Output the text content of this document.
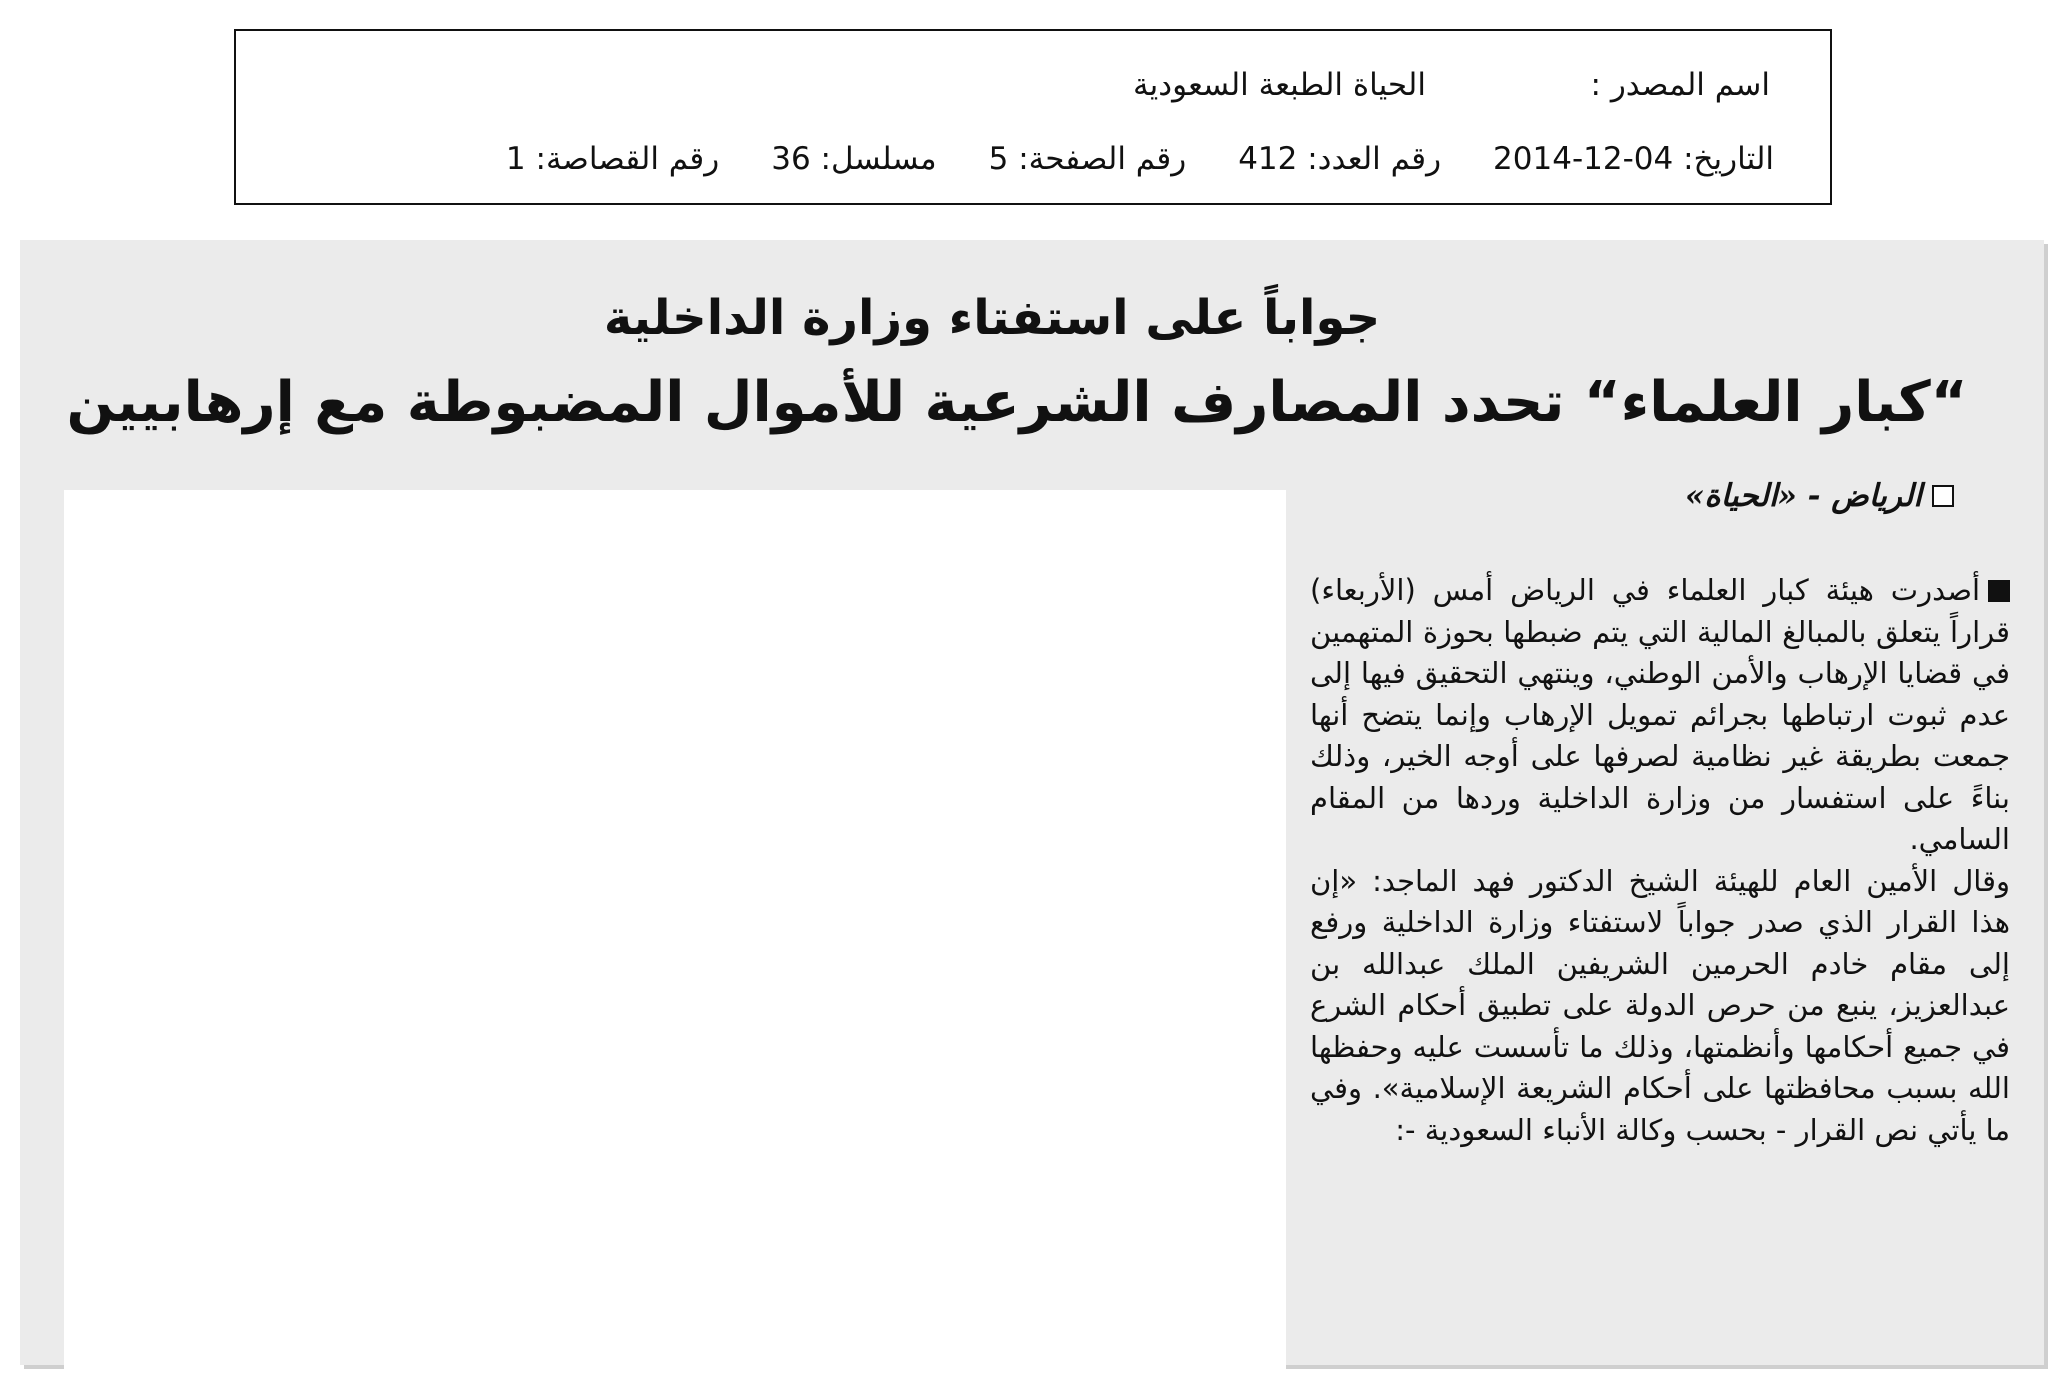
اسم المصدر :
الحياة الطبعة السعودية
التاريخ: 04-12-2014
رقم العدد: 412
رقم الصفحة: 5
مسلسل: 36
رقم القصاصة: 1
جواباً على استفتاء وزارة الداخلية
“كبار العلماء“ تحدد المصارف الشرعية للأموال المضبوطة مع إرهابيين
الرياض - «الحياة»

أصدرت هيئة كبار العلماء في الرياض أمس (الأربعاء) قراراً يتعلق بالمبالغ المالية التي يتم ضبطها بحوزة المتهمين في قضايا الإرهاب والأمن الوطني، وينتهي التحقيق فيها إلى عدم ثبوت ارتباطها بجرائم تمويل الإرهاب وإنما يتضح أنها جمعت بطريقة غير نظامية لصرفها على أوجه الخير، وذلك بناءً على استفسار من وزارة الداخلية وردها من المقام السامي.

وقال الأمين العام للهيئة الشيخ الدكتور فهد الماجد: «إن هذا القرار الذي صدر جواباً لاستفتاء وزارة الداخلية ورفع إلى مقام خادم الحرمين الشريفين الملك عبدالله بن عبدالعزيز، ينبع من حرص الدولة على تطبيق أحكام الشرع في جميع أحكامها وأنظمتها، وذلك ما تأسست عليه وحفظها الله بسبب محافظتها على أحكام الشريعة الإسلامية». وفي ما يأتي نص القرار - بحسب وكالة الأنباء السعودية -:
